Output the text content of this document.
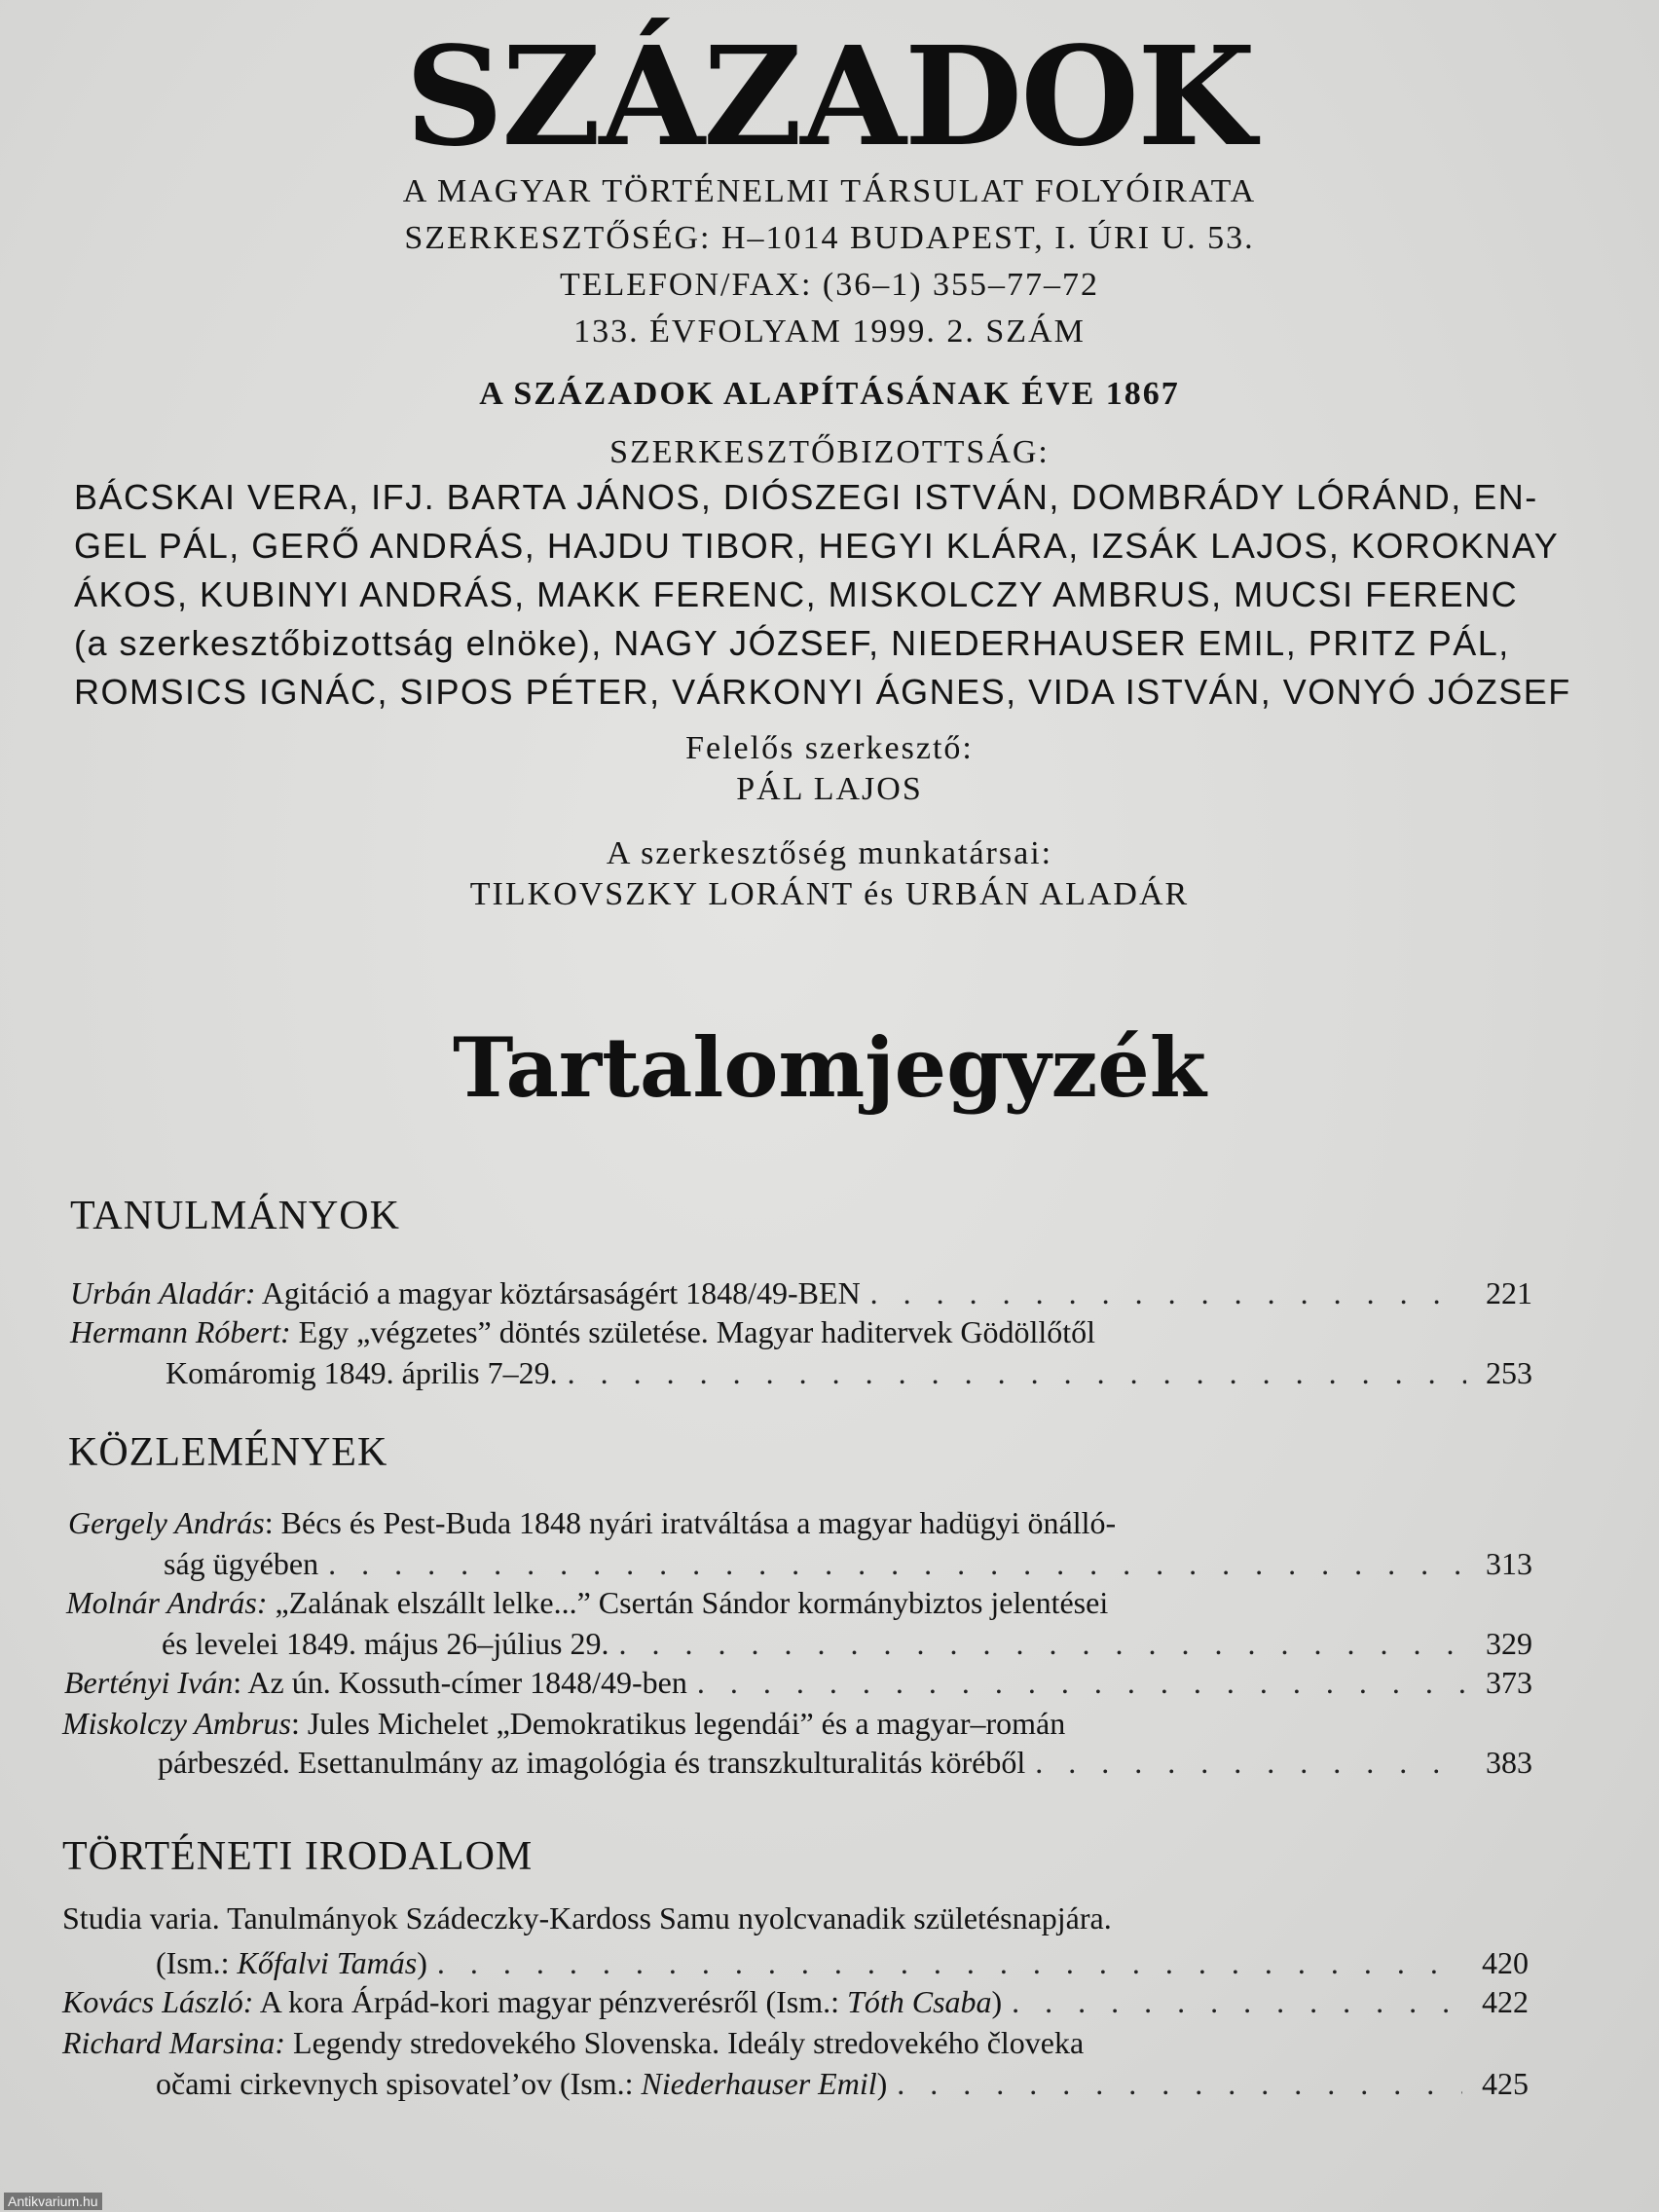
SZÁZADOK
A MAGYAR TÖRTÉNELMI TÁRSULAT FOLYÓIRATA
SZERKESZTŐSÉG: H–1014 BUDAPEST, I. ÚRI U. 53.
TELEFON/FAX: (36–1) 355–77–72
133. ÉVFOLYAM 1999. 2. SZÁM
A SZÁZADOK ALAPÍTÁSÁNAK ÉVE 1867
SZERKESZTŐBIZOTTSÁG:
BÁCSKAI VERA, IFJ. BARTA JÁNOS, DIÓSZEGI ISTVÁN, DOMBRÁDY LÓRÁND, EN-
GEL PÁL, GERŐ ANDRÁS, HAJDU TIBOR, HEGYI KLÁRA, IZSÁK LAJOS, KOROKNAY
ÁKOS, KUBINYI ANDRÁS, MAKK FERENC, MISKOLCZY AMBRUS, MUCSI FERENC
(a szerkesztőbizottság elnöke), NAGY JÓZSEF, NIEDERHAUSER EMIL, PRITZ PÁL,
ROMSICS IGNÁC, SIPOS PÉTER, VÁRKONYI ÁGNES, VIDA ISTVÁN, VONYÓ JÓZSEF
Felelős szerkesztő:
PÁL LAJOS
A szerkesztőség munkatársai:
TILKOVSZKY LORÁNT és URBÁN ALADÁR
Tartalomjegyzék
TANULMÁNYOK
Urbán Aladár: Agitáció a magyar köztársaságért 1848/49-BEN . . .	221
Hermann Róbert: Egy „végzetes” döntés születése. Magyar haditervek Gödöllőtől
Komáromig 1849. április 7–29. . . .	253
KÖZLEMÉNYEK
Gergely András: Bécs és Pest-Buda 1848 nyári iratváltása a magyar hadügyi önálló-
ság ügyében . . .	313
Molnár András: „Zalának elszállt lelke...” Csertán Sándor kormánybiztos jelentései
és levelei 1849. május 26–július 29. . . .	329
Bertényi Iván: Az ún. Kossuth-címer 1848/49-ben . . .	373
Miskolczy Ambrus: Jules Michelet „Demokratikus legendái” és a magyar–román
párbeszéd. Esettanulmány az imagológia és transzkulturalitás köréből . . .	383
TÖRTÉNETI IRODALOM
Studia varia. Tanulmányok Szádeczky-Kardoss Samu nyolcvanadik születésnapjára.
(Ism.: Kőfalvi Tamás) . . .	420
Kovács László: A kora Árpád-kori magyar pénzverésről (Ism.: Tóth Csaba) . . .	422
Richard Marsina: Legendy stredovekého Slovenska. Ideály stredovekého človeka
očami cirkevnych spisovatel’ov (Ism.: Niederhauser Emil) . . .	425
Antikvarium.hu
